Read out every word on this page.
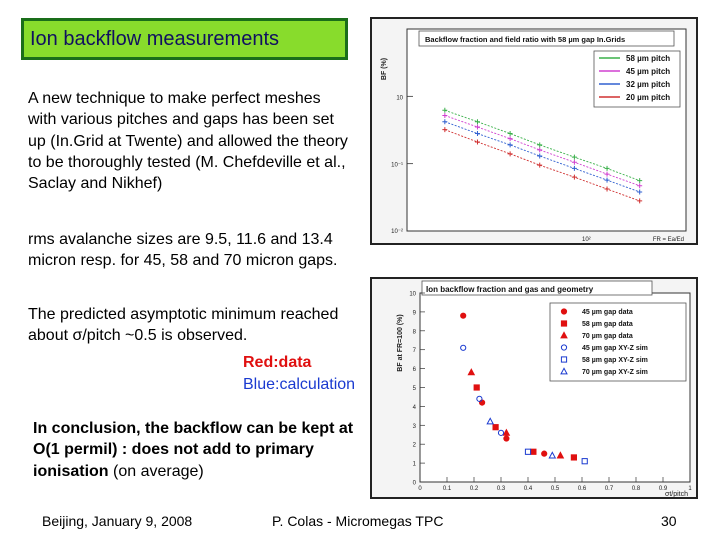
Ion backflow measurements
A new technique to make perfect meshes with various pitches and gaps has been set up (In.Grid at Twente) and allowed the theory to be thoroughly tested (M. Chefdeville et al., Saclay and Nikhef)
rms avalanche sizes are 9.5, 11.6 and 13.4 micron resp. for 45, 58 and 70 micron gaps.
The predicted asymptotic minimum reached about σ/pitch ~0.5 is observed.
Red:data
Blue:calculation
In conclusion, the backflow can be kept at O(1 permil) : does not add to primary ionisation (on average)
Beijing, January 9, 2008	P. Colas - Micromegas TPC	30
Backflow fraction and field ratio with 58 µm gap In.Grids
10
10⁻¹
10⁻²
10²	FR = Ea/Ed
BF (%)	58 µm pitch
45 µm pitch
32 µm pitch
20 µm pitch
Ion backflow fraction and gas and geometry
0
1
2
3
4
5
6
7
8
9
10
0	0.1	0.2	0.3	0.4	0.5	0.6	0.7	0.8	0.9	1
σt/pitch
BF at FR=100 (%)
45 µm gap data
58 µm gap data
70 µm gap data
45 µm gap XY-Z sim
58 µm gap XY-Z sim
70 µm gap XY-Z sim
